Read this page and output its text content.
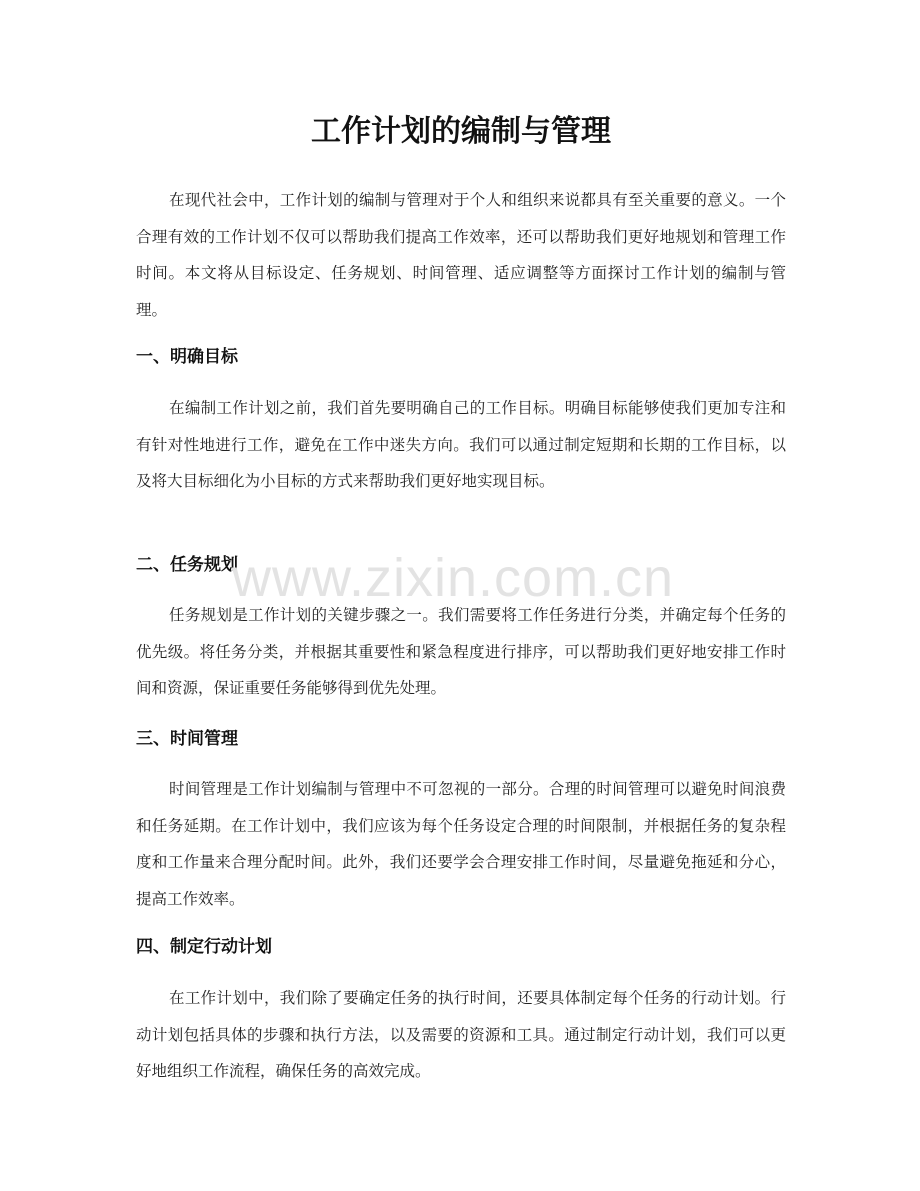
工作计划的编制与管理

在现代社会中，工作计划的编制与管理对于个人和组织来说都具有至关重要的意义。一个合理有效的工作计划不仅可以帮助我们提高工作效率，还可以帮助我们更好地规划和管理工作时间。本文将从目标设定、任务规划、时间管理、适应调整等方面探讨工作计划的编制与管理。

一、明确目标

在编制工作计划之前，我们首先要明确自己的工作目标。明确目标能够使我们更加专注和有针对性地进行工作，避免在工作中迷失方向。我们可以通过制定短期和长期的工作目标，以及将大目标细化为小目标的方式来帮助我们更好地实现目标。

二、任务规划

任务规划是工作计划的关键步骤之一。我们需要将工作任务进行分类，并确定每个任务的优先级。将任务分类，并根据其重要性和紧急程度进行排序，可以帮助我们更好地安排工作时间和资源，保证重要任务能够得到优先处理。

三、时间管理

时间管理是工作计划编制与管理中不可忽视的一部分。合理的时间管理可以避免时间浪费和任务延期。在工作计划中，我们应该为每个任务设定合理的时间限制，并根据任务的复杂程度和工作量来合理分配时间。此外，我们还要学会合理安排工作时间，尽量避免拖延和分心，提高工作效率。

四、制定行动计划

在工作计划中，我们除了要确定任务的执行时间，还要具体制定每个任务的行动计划。行动计划包括具体的步骤和执行方法，以及需要的资源和工具。通过制定行动计划，我们可以更好地组织工作流程，确保任务的高效完成。

www.zixin.com.cn
